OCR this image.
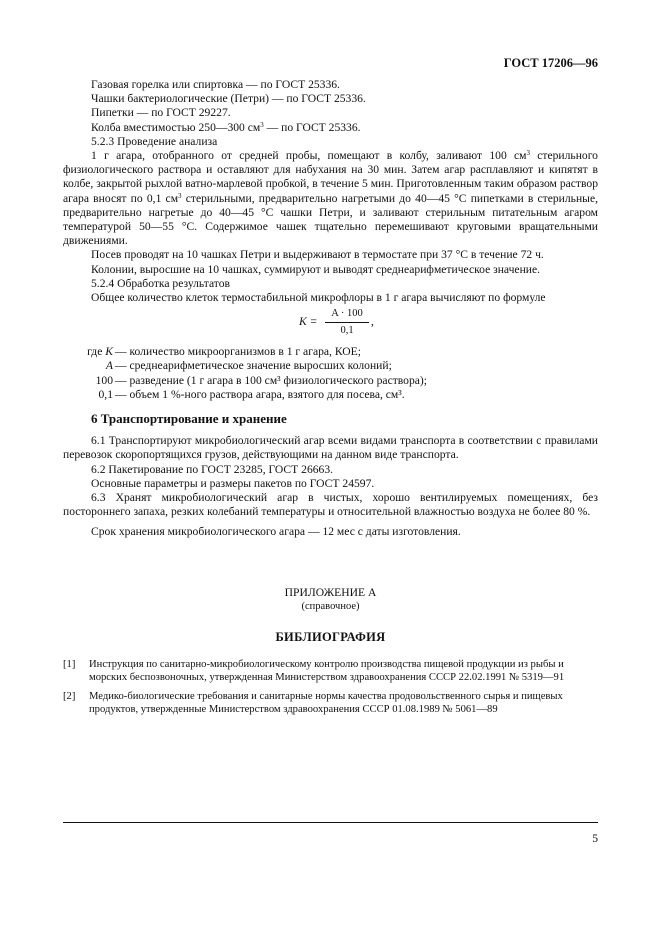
ГОСТ 17206—96

Газовая горелка или спиртовка — по ГОСТ 25336.

Чашки бактериологические (Петри) — по ГОСТ 25336.

Пипетки — по ГОСТ 29227.

Колба вместимостью 250—300 $см^3$ — по ГОСТ 25336.

5.2.3 Проведение анализа

1 г агара, отобранного от средней пробы, помещают в колбу, заливают 100 $см^3$ стерильного физиологического раствора и оставляют для набухания на 30 мин. Затем агар расплавляют и кипятят в колбе, закрытой рыхлой ватно-марлевой пробкой, в течение 5 мин. Приготовленным таким образом раствор агара вносят по 0,1 $см^3$ стерильными, предварительно нагретыми до 40—45 °С пипетками в стерильные, предварительно нагретые до 40—45 °С чашки Петри, и заливают стерильным питательным агаром температурой 50—55 °С. Содержимое чашек тщательно перемешивают круговыми вращательными движениями.

Посев проводят на 10 чашках Петри и выдерживают в термостате при 37 °С в течение 72 ч.

Колонии, выросшие на 10 чашках, суммируют и выводят среднеарифметическое значение.

5.2.4 Обработка результатов

Общее количество клеток термостабильной микрофлоры в 1 г агара вычисляют по формуле

$K = \frac{A \cdot 100}{0,1}$ ,
где K — количество микроорганизмов в 1 г агара, КОЕ;
A — среднеарифметическое значение выросших колоний;
100 — разведение (1 г агара в 100 см³ физиологического раствора);
0,1 — объем 1 %-ного раствора агара, взятого для посева, см³.
6 Транспортирование и хранение

6.1 Транспортируют микробиологический агар всеми видами транспорта в соответствии с правилами перевозок скоропортящихся грузов, действующими на данном виде транспорта.

6.2 Пакетирование по ГОСТ 23285, ГОСТ 26663.

Основные параметры и размеры пакетов по ГОСТ 24597.

6.3 Хранят микробиологический агар в чистых, хорошо вентилируемых помещениях, без постороннего запаха, резких колебаний температуры и относительной влажностью воздуха не более 80 %.

Срок хранения микробиологического агара — 12 мес с даты изготовления.

ПРИЛОЖЕНИЕ А
(справочное)
БИБЛИОГРАФИЯ
[1]	Инструкция по санитарно-микробиологическому контролю производства пищевой продукции из рыбы и морских беспозвоночных, утвержденная Министерством здравоохранения СССР 22.02.1991 № 5319—91
[2]	Медико-биологические требования и санитарные нормы качества продовольственного сырья и пищевых продуктов, утвержденные Министерством здравоохранения СССР 01.08.1989 № 5061—89
5
